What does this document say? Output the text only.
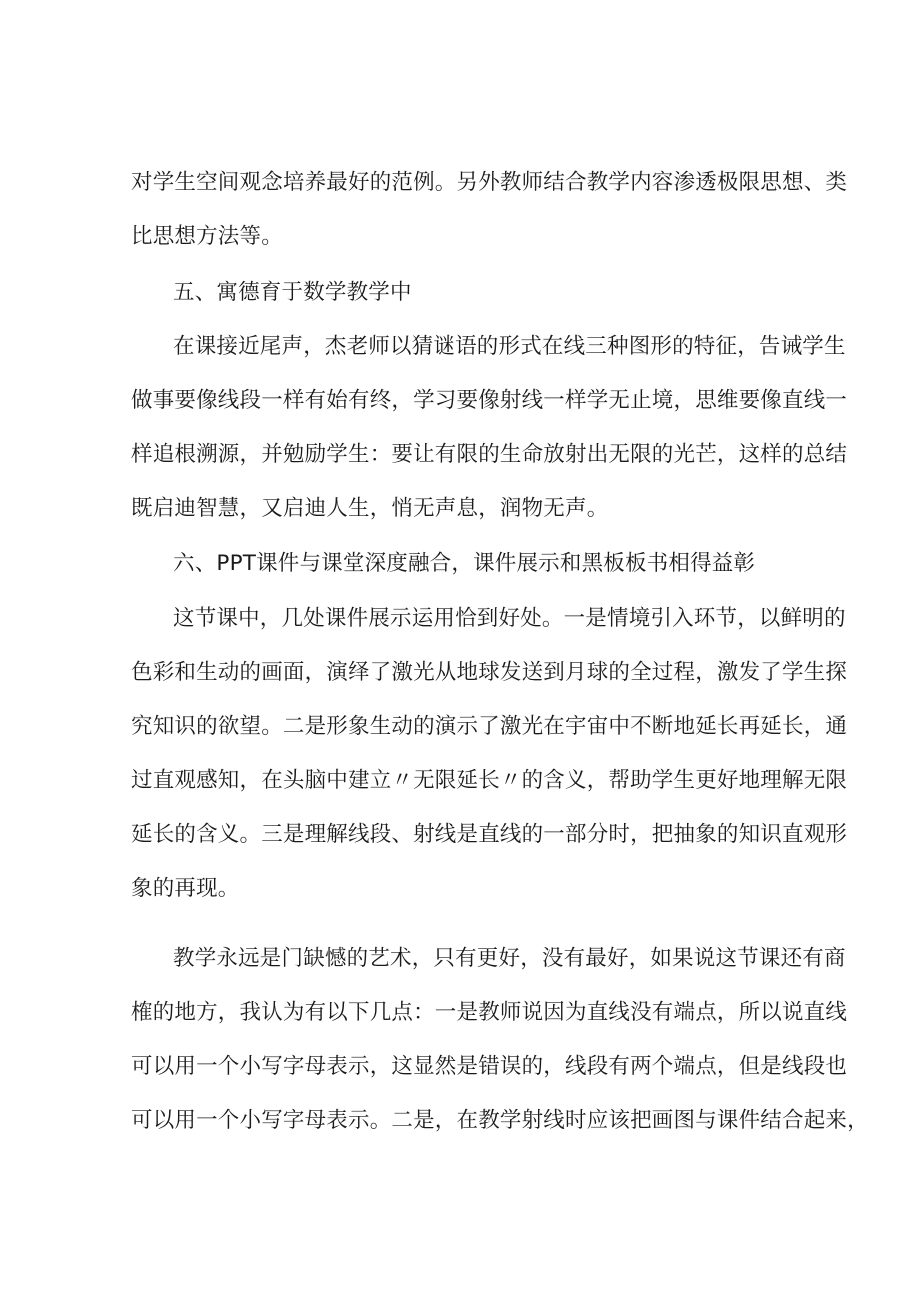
对学生空间观念培养最好的范例。另外教师结合教学内容渗透极限思想、类
比思想方法等。
五、寓德育于数学教学中
在课接近尾声，杰老师以猜谜语的形式在线三种图形的特征，告诫学生
做事要像线段一样有始有终，学习要像射线一样学无止境，思维要像直线一
样追根溯源，并勉励学生：要让有限的生命放射出无限的光芒，这样的总结
既启迪智慧，又启迪人生，悄无声息，润物无声。
六、PPT课件与课堂深度融合，课件展示和黑板板书相得益彰
这节课中，几处课件展示运用恰到好处。一是情境引入环节，以鲜明的
色彩和生动的画面，演绎了激光从地球发送到月球的全过程，激发了学生探
究知识的欲望。二是形象生动的演示了激光在宇宙中不断地延长再延长，通
过直观感知，在头脑中建立〃无限延长〃的含义，帮助学生更好地理解无限
延长的含义。三是理解线段、射线是直线的一部分时，把抽象的知识直观形
象的再现。
教学永远是门缺憾的艺术，只有更好，没有最好，如果说这节课还有商
榷的地方，我认为有以下几点：一是教师说因为直线没有端点，所以说直线
可以用一个小写字母表示，这显然是错误的，线段有两个端点，但是线段也
可以用一个小写字母表示。二是，在教学射线时应该把画图与课件结合起来，
